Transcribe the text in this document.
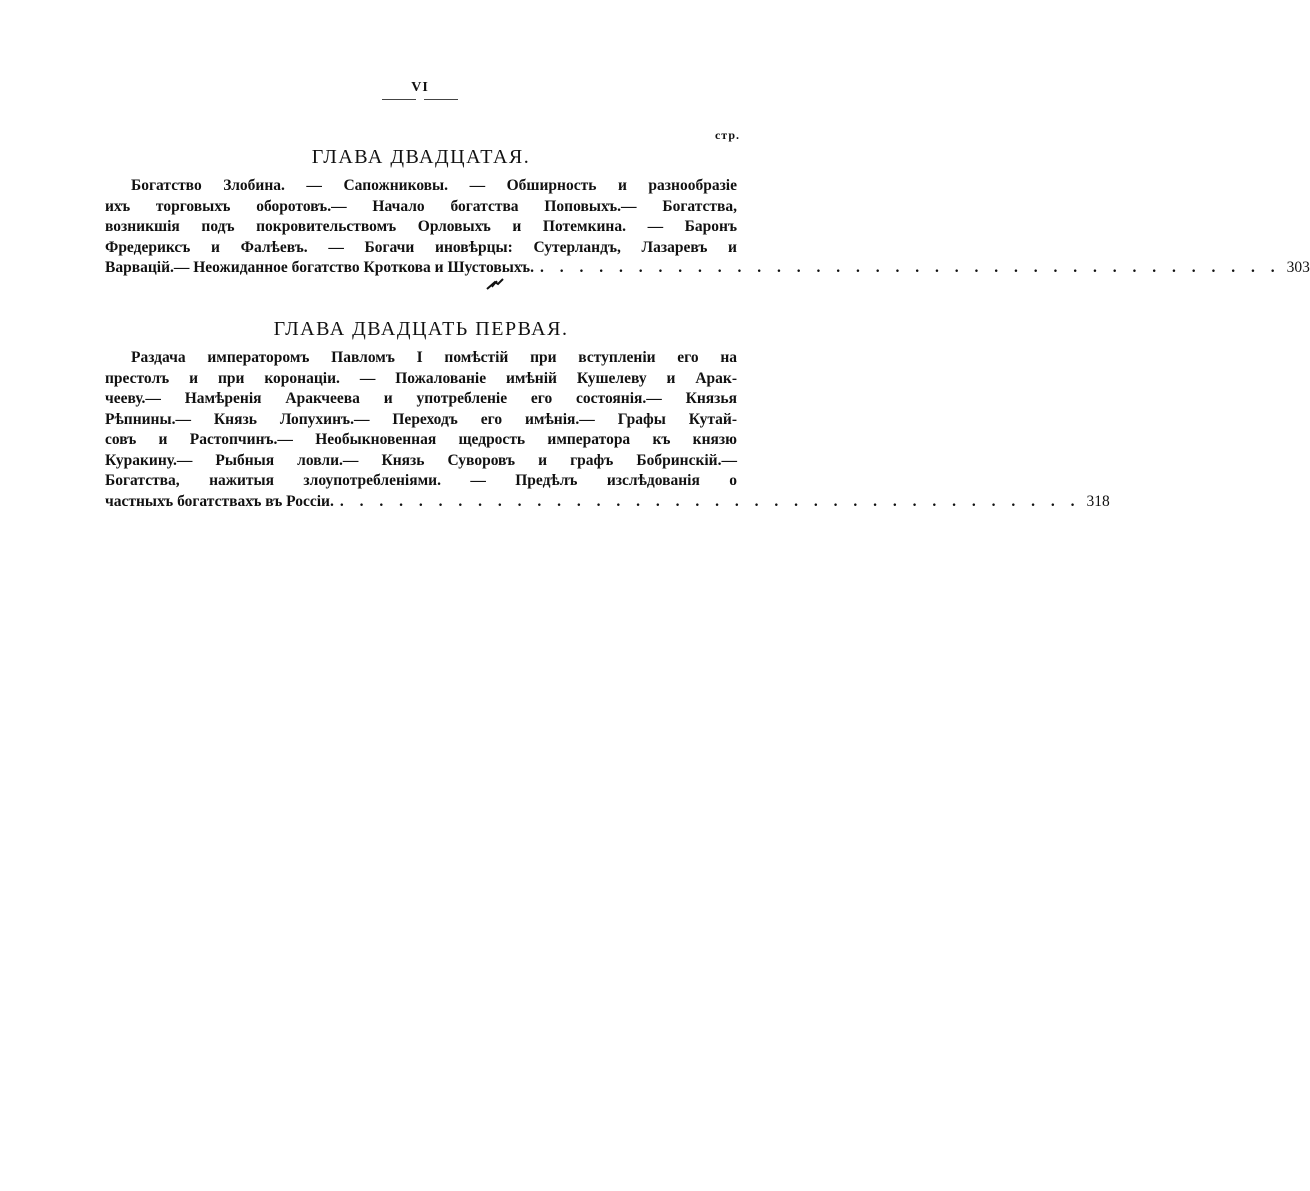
VI
стр.
ГЛАВА ДВАДЦАТАЯ.
Богатство Злобина. — Сапожниковы. — Обширность и разнообразіе
ихъ торговыхъ оборотовъ.— Начало богатства Поповыхъ.— Богатства,
возникшія подъ покровительствомъ Орловыхъ и Потемкина. — Баронъ
Фредериксъ и Фалѣевъ. — Богачи иновѣрцы: Сутерландъ, Лазаревъ и
Варвацій.— Неожиданное богатство Кроткова и Шустовыхъ. . . . . . . . . . . . . . . . . . . . . . . . . . . . . . . . . . . . . . . 303
ГЛАВА ДВАДЦАТЬ ПЕРВАЯ.
Раздача императоромъ Павломъ I помѣстій при вступленіи его на
престолъ и при коронаціи. — Пожалованіе имѣній Кушелеву и Арак-
чееву.— Намѣренія Аракчеева и употребленіе его состоянія.— Князья
Рѣпнины.— Князь Лопухинъ.— Переходъ его имѣнія.— Графы Кутай-
совъ и Растопчинъ.— Необыкновенная щедрость императора къ князю
Куракину.— Рыбныя ловли.— Князь Суворовъ и графъ Бобринскій.—
Богатства, нажитыя злоупотребленіями. — Предѣлъ изслѣдованія о
частныхъ богатствахъ въ Россіи. . . . . . . . . . . . . . . . . . . . . . . . . . . . . . . . . . . . . . . 318
